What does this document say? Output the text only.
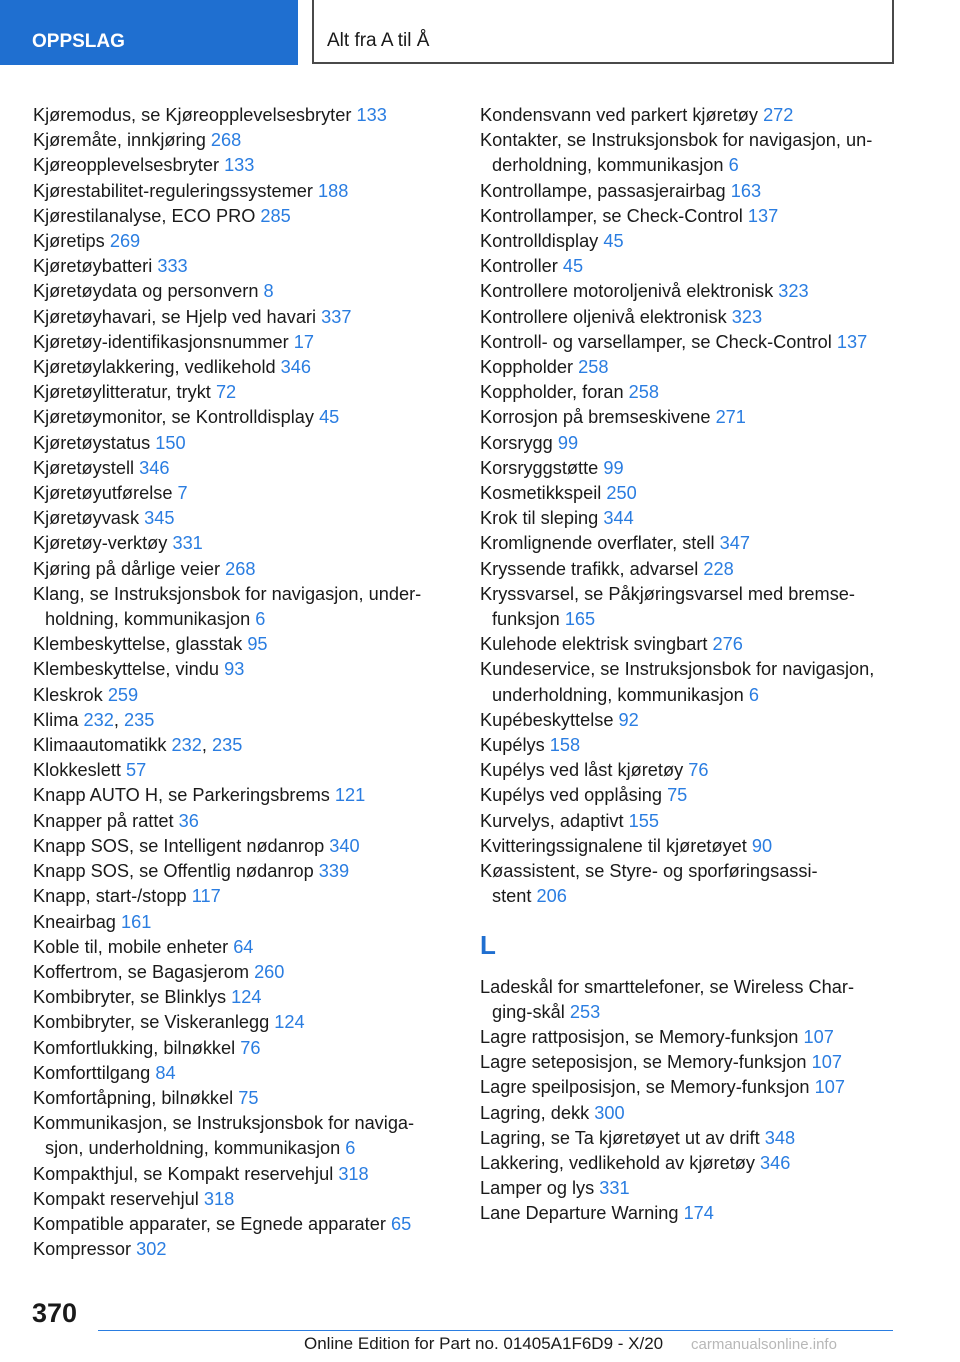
OPPSLAG	Alt fra A til Å
Kjøremodus, se Kjøreopplevelsesbryter 133
Kjøremåte, innkjøring 268
Kjøreopplevelsesbryter 133
Kjørestabilitet-reguleringssystemer 188
Kjørestilanalyse, ECO PRO 285
Kjøretips 269
Kjøretøybatteri 333
Kjøretøydata og personvern 8
Kjøretøyhavari, se Hjelp ved havari 337
Kjøretøy-identifikasjonsnummer 17
Kjøretøylakkering, vedlikehold 346
Kjøretøylitteratur, trykt 72
Kjøretøymonitor, se Kontrolldisplay 45
Kjøretøystatus 150
Kjøretøystell 346
Kjøretøyutførelse 7
Kjøretøyvask 345
Kjøretøy-verktøy 331
Kjøring på dårlige veier 268
Klang, se Instruksjonsbok for navigasjon, under-
holdning, kommunikasjon 6
Klembeskyttelse, glasstak 95
Klembeskyttelse, vindu 93
Kleskrok 259
Klima 232, 235
Klimaautomatikk 232, 235
Klokkeslett 57
Knapp AUTO H, se Parkeringsbrems 121
Knapper på rattet 36
Knapp SOS, se Intelligent nødanrop 340
Knapp SOS, se Offentlig nødanrop 339
Knapp, start-/stopp 117
Kneairbag 161
Koble til, mobile enheter 64
Koffertrom, se Bagasjerom 260
Kombibryter, se Blinklys 124
Kombibryter, se Viskeranlegg 124
Komfortlukking, bilnøkkel 76
Komforttilgang 84
Komfortåpning, bilnøkkel 75
Kommunikasjon, se Instruksjonsbok for naviga-
sjon, underholdning, kommunikasjon 6
Kompakthjul, se Kompakt reservehjul 318
Kompakt reservehjul 318
Kompatible apparater, se Egnede apparater 65
Kompressor 302
Kondensvann ved parkert kjøretøy 272
Kontakter, se Instruksjonsbok for navigasjon, un-
derholdning, kommunikasjon 6
Kontrollampe, passasjerairbag 163
Kontrollamper, se Check-Control 137
Kontrolldisplay 45
Kontroller 45
Kontrollere motoroljenivå elektronisk 323
Kontrollere oljenivå elektronisk 323
Kontroll- og varsellamper, se Check-Control 137
Koppholder 258
Koppholder, foran 258
Korrosjon på bremseskivene 271
Korsrygg 99
Korsryggstøtte 99
Kosmetikkspeil 250
Krok til sleping 344
Kromlignende overflater, stell 347
Kryssende trafikk, advarsel 228
Kryssvarsel, se Påkjøringsvarsel med bremse-
funksjon 165
Kulehode elektrisk svingbart 276
Kundeservice, se Instruksjonsbok for navigasjon,
underholdning, kommunikasjon 6
Kupébeskyttelse 92
Kupélys 158
Kupélys ved låst kjøretøy 76
Kupélys ved opplåsing 75
Kurvelys, adaptivt 155
Kvitteringssignalene til kjøretøyet 90
Køassistent, se Styre- og sporføringsassi-
stent 206
L
Ladeskål for smarttelefoner, se Wireless Char-
ging-skål 253
Lagre rattposisjon, se Memory-funksjon 107
Lagre seteposisjon, se Memory-funksjon 107
Lagre speilposisjon, se Memory-funksjon 107
Lagring, dekk 300
Lagring, se Ta kjøretøyet ut av drift 348
Lakkering, vedlikehold av kjøretøy 346
Lamper og lys 331
Lane Departure Warning 174
370
Online Edition for Part no. 01405A1F6D9 - X/20 carmanualsonline.info
